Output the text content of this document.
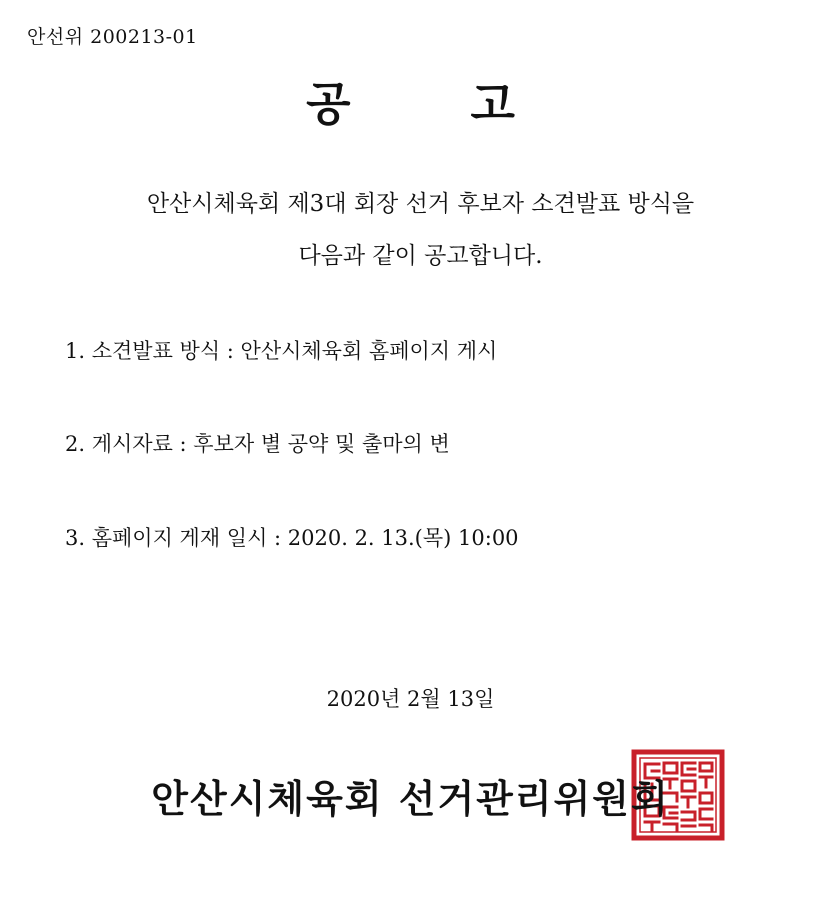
안선위 200213-01
공고
안산시체육회 제3대 회장 선거 후보자 소견발표 방식을
다음과 같이 공고합니다.
1. 소견발표 방식 : 안산시체육회 홈페이지 게시
2. 게시자료 : 후보자 별 공약 및 출마의 변
3. 홈페이지 게재 일시 : 2020. 2. 13.(목) 10:00
2020년 2월 13일
안산시체육회 선거관리위원회
